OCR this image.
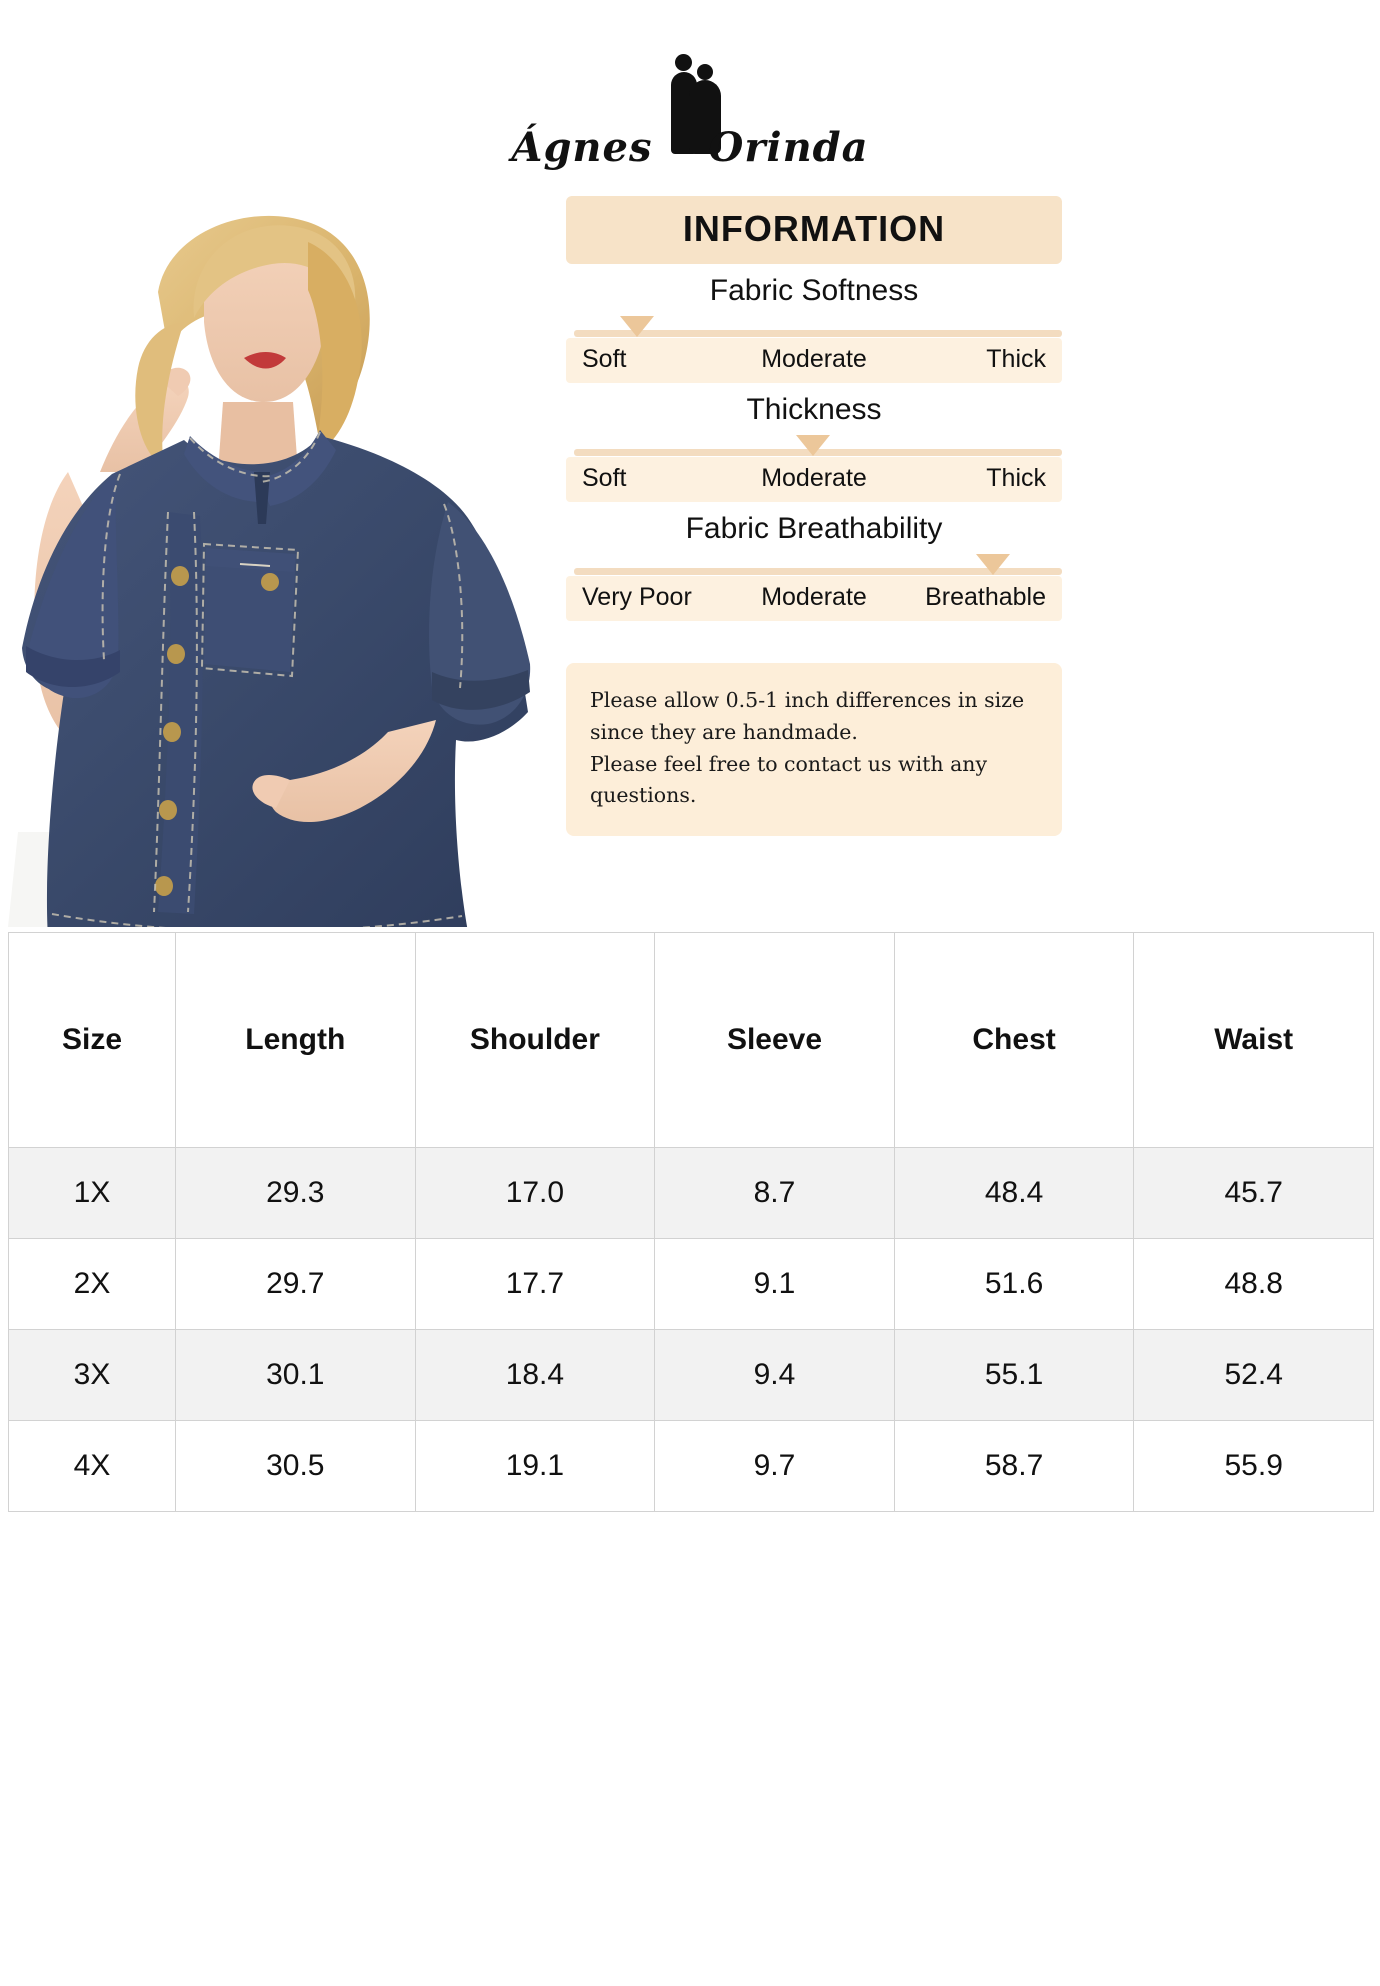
Ágnes Orinda
INFORMATION
Fabric Softness
Soft	Moderate	Thick
Thickness
Soft	Moderate	Thick
Fabric Breathability
Very Poor	Moderate	Breathable
Please allow 0.5-1 inch differences in size
since they are handmade.
Please feel free to contact us with any questions.
Size	Length	Shoulder	Sleeve	Chest	Waist
1X	29.3	17.0	8.7	48.4	45.7
2X	29.7	17.7	9.1	51.6	48.8
3X	30.1	18.4	9.4	55.1	52.4
4X	30.5	19.1	9.7	58.7	55.9
